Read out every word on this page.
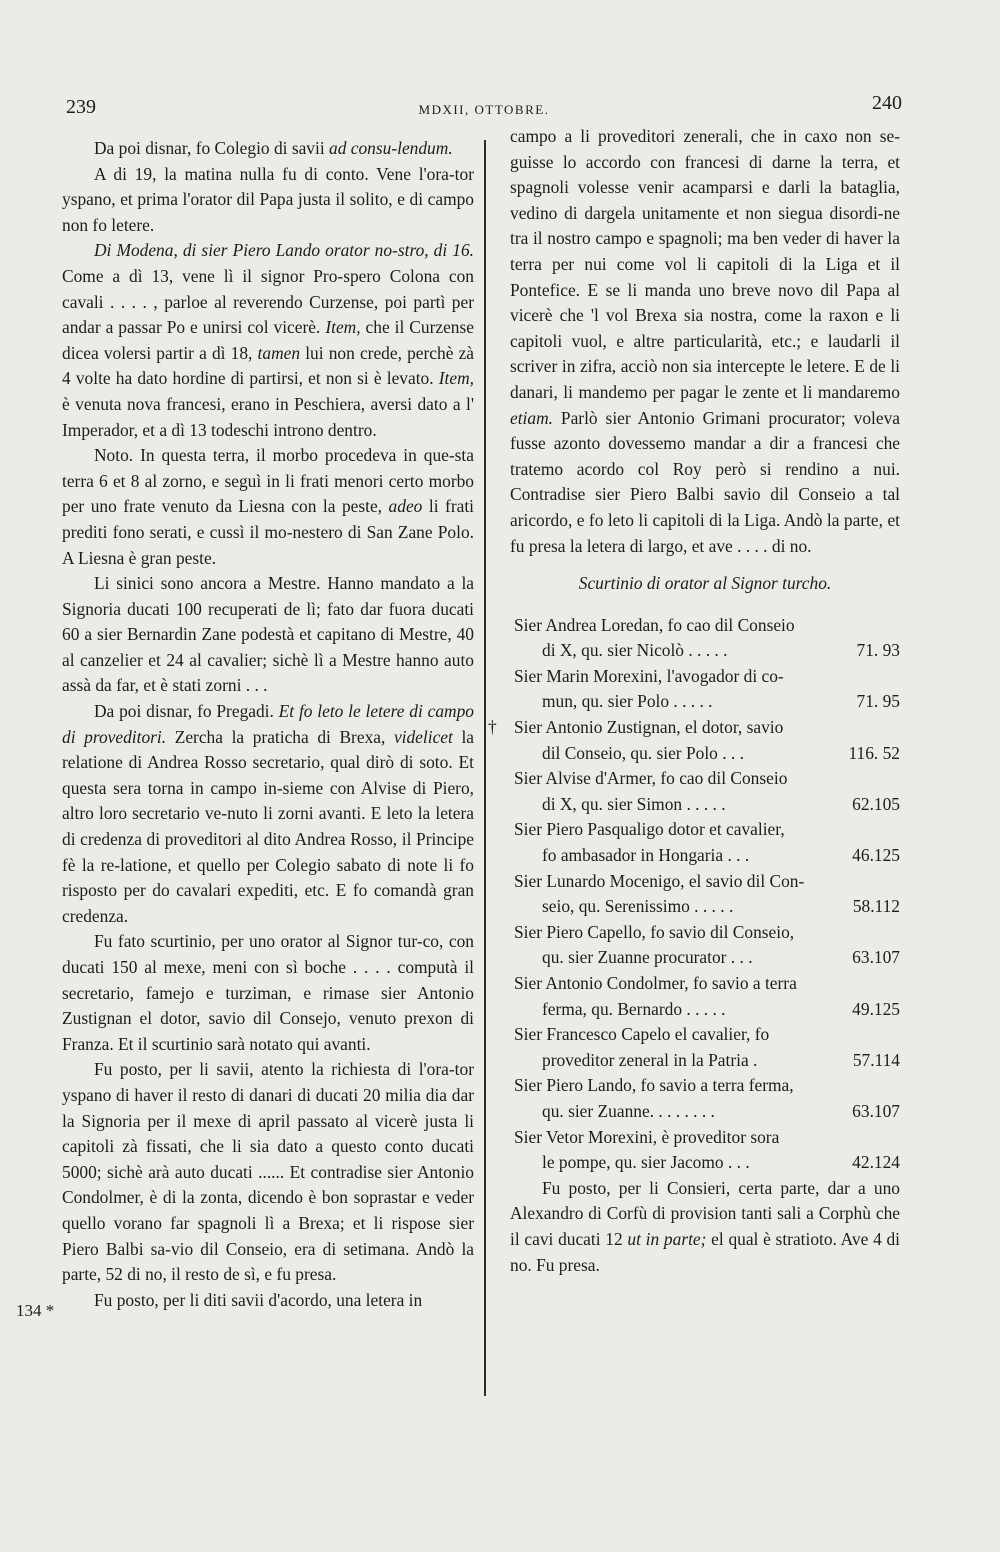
239	MDXII, OTTOBRE.	240
134 *

Da poi disnar, fo Colegio di savii ad consu-lendum.

A di 19, la matina nulla fu di conto. Vene l'ora-tor yspano, et prima l'orator dil Papa justa il solito, e di campo non fo letere.

Di Modena, di sier Piero Lando orator no-stro, di 16. Come a dì 13, vene lì il signor Pro-spero Colona con cavali . . . . , parloe al reverendo Curzense, poi partì per andar a passar Po e unirsi col vicerè. Item, che il Curzense dicea volersi partir a dì 18, tamen lui non crede, perchè zà 4 volte ha dato hordine di partirsi, et non si è levato. Item, è venuta nova francesi, erano in Peschiera, aversi dato a l' Imperador, et a dì 13 todeschi introno dentro.

Noto. In questa terra, il morbo procedeva in que-sta terra 6 et 8 al zorno, e seguì in li frati menori certo morbo per uno frate venuto da Liesna con la peste, adeo li frati prediti fono serati, e cussì il mo-nestero di San Zane Polo. A Liesna è gran peste.

Li sinici sono ancora a Mestre. Hanno mandato a la Signoria ducati 100 recuperati de lì; fato dar fuora ducati 60 a sier Bernardin Zane podestà et capitano di Mestre, 40 al canzelier et 24 al cavalier; sichè lì a Mestre hanno auto assà da far, et è stati zorni . . .

Da poi disnar, fo Pregadi. Et fo leto le letere di campo di proveditori. Zercha la praticha di Brexa, videlicet la relatione di Andrea Rosso secretario, qual dirò di soto. Et questa sera torna in campo in-sieme con Alvise di Piero, altro loro secretario ve-nuto li zorni avanti. E leto la letera di credenza di proveditori al dito Andrea Rosso, il Principe fè la re-latione, et quello per Colegio sabato di note li fo risposto per do cavalari expediti, etc. E fo comandà gran credenza.

Fu fato scurtinio, per uno orator al Signor tur-co, con ducati 150 al mexe, meni con sì boche . . . . computà il secretario, famejo e turziman, e rimase sier Antonio Zustignan el dotor, savio dil Consejo, venuto prexon di Franza. Et il scurtinio sarà notato qui avanti.

Fu posto, per li savii, atento la richiesta di l'ora-tor yspano di haver il resto di danari di ducati 20 milia dia dar la Signoria per il mexe di april passato al vicerè justa li capitoli zà fissati, che li sia dato a questo conto ducati 5000; sichè arà auto ducati ...... Et contradise sier Antonio Condolmer, è di la zonta, dicendo è bon soprastar e veder quello vorano far spagnoli lì a Brexa; et li rispose sier Piero Balbi sa-vio dil Conseio, era di setimana. Andò la parte, 52 di no, il resto de sì, e fu presa.

Fu posto, per li diti savii d'acordo, una letera in

campo a li proveditori zenerali, che in caxo non se-guisse lo accordo con francesi di darne la terra, et spagnoli volesse venir acamparsi e darli la bataglia, vedino di dargela unitamente et non siegua disordi-ne tra il nostro campo e spagnoli; ma ben veder di haver la terra per nui come vol li capitoli di la Liga et il Pontefice. E se li manda uno breve novo dil Papa al vicerè che 'l vol Brexa sia nostra, come la raxon e li capitoli vuol, e altre particularità, etc.; e laudarli il scriver in zifra, acciò non sia intercepte le letere. E de li danari, li mandemo per pagar le zente et li mandaremo etiam. Parlò sier Antonio Grimani procurator; voleva fusse azonto dovessemo mandar a dir a francesi che tratemo acordo col Roy però si rendino a nui. Contradise sier Piero Balbi savio dil Conseio a tal aricordo, e fo leto li capitoli di la Liga. Andò la parte, et fu presa la letera di largo, et ave . . . . di no.

Scurtinio di orator al Signor turcho.
Sier Andrea Loredan, fo cao dil Conseio
di X, qu. sier Nicolò . . . . .	71. 93
Sier Marin Morexini, l'avogador di co-
mun, qu. sier Polo . . . . .	71. 95
† Sier Antonio Zustignan, el dotor, savio
dil Conseio, qu. sier Polo . . .	116. 52
Sier Alvise d'Armer, fo cao dil Conseio
di X, qu. sier Simon . . . . .	62.105
Sier Piero Pasqualigo dotor et cavalier,
fo ambasador in Hongaria . . .	46.125
Sier Lunardo Mocenigo, el savio dil Con-
seio, qu. Serenissimo . . . . .	58.112
Sier Piero Capello, fo savio dil Conseio,
qu. sier Zuanne procurator . . .	63.107
Sier Antonio Condolmer, fo savio a terra
ferma, qu. Bernardo . . . . .	49.125
Sier Francesco Capelo el cavalier, fo
proveditor zeneral in la Patria .	57.114
Sier Piero Lando, fo savio a terra ferma,
qu. sier Zuanne. . . . . . . .	63.107
Sier Vetor Morexini, è proveditor sora
le pompe, qu. sier Jacomo . . .	42.124

Fu posto, per li Consieri, certa parte, dar a uno Alexandro di Corfù di provision tanti sali a Corphù che il cavi ducati 12 ut in parte; el qual è stratioto. Ave 4 di no. Fu presa.
